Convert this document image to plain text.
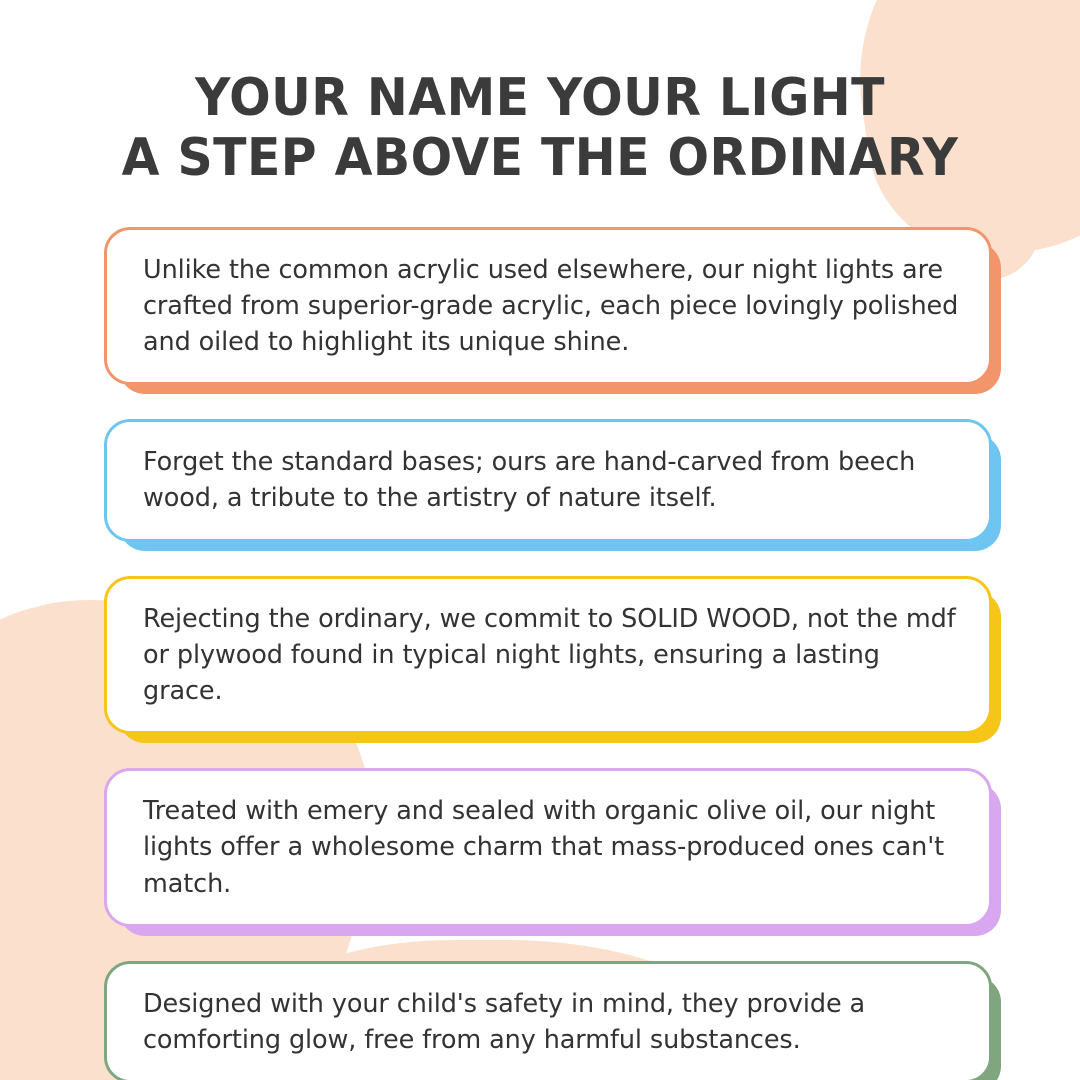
YOUR NAME YOUR LIGHT
A STEP ABOVE THE ORDINARY
Unlike the common acrylic used elsewhere, our night lights are crafted from superior-grade acrylic, each piece lovingly polished and oiled to highlight its unique shine.
Forget the standard bases; ours are hand-carved from beech wood, a tribute to the artistry of nature itself.
Rejecting the ordinary, we commit to SOLID WOOD, not the mdf or plywood found in typical night lights, ensuring a lasting grace.
Treated with emery and sealed with organic olive oil, our night lights offer a wholesome charm that mass-produced ones can't match.
Designed with your child's safety in mind, they provide a comforting glow, free from any harmful substances.
